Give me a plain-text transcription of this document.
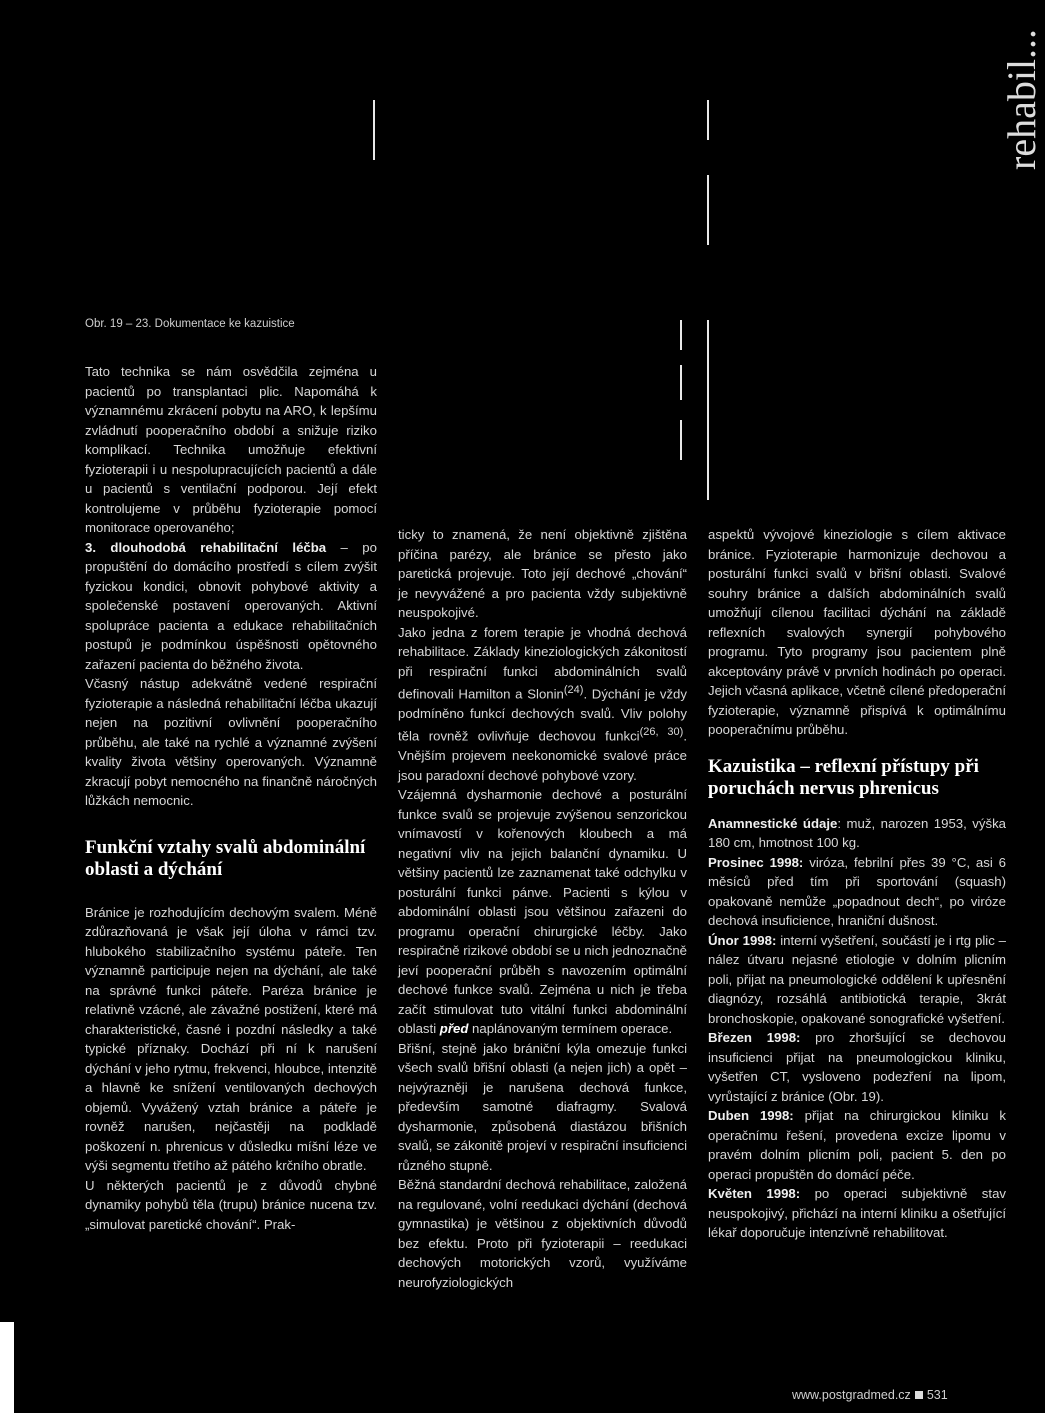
rehabil...
Obr. 19 – 23. Dokumentace ke kazuistice

Tato technika se nám osvědčila zejména u pacientů po transplantaci plic. Napomáhá k významnému zkrácení pobytu na ARO, k lepšímu zvládnutí pooperačního období a snižuje riziko komplikací. Technika umožňuje efektivní fyzioterapii i u nespolupracujících pacientů a dále u pacientů s ventilační podporou. Její efekt kontrolujeme v průběhu fyzioterapie pomocí monitorace operovaného;

3. dlouhodobá rehabilitační léčba – po propuštění do domácího prostředí s cílem zvýšit fyzickou kondici, obnovit pohybové aktivity a společenské postavení operovaných. Aktivní spolupráce pacienta a edukace rehabilitačních postupů je podmínkou úspěšnosti opětovného zařazení pacienta do běžného života.

Včasný nástup adekvátně vedené respirační fyzioterapie a následná rehabilitační léčba ukazují nejen na pozitivní ovlivnění pooperačního průběhu, ale také na rychlé a významné zvýšení kvality života většiny operovaných. Významně zkracují pobyt nemocného na finančně náročných lůžkách nemocnic.

Funkční vztahy svalů abdominální oblasti a dýchání

Bránice je rozhodujícím dechovým svalem. Méně zdůrazňovaná je však její úloha v rámci tzv. hlubokého stabilizačního systému páteře. Ten významně participuje nejen na dýchání, ale také na správné funkci páteře. Paréza bránice je relativně vzácné, ale závažné postižení, které má charakteristické, časné i pozdní následky a také typické příznaky. Dochází při ní k narušení dýchání v jeho rytmu, frekvenci, hloubce, intenzitě a hlavně ke snížení ventilovaných dechových objemů. Vyvážený vztah bránice a páteře je rovněž narušen, nejčastěji na podkladě poškození n. phrenicus v důsledku míšní léze ve výši segmentu třetího až pátého krčního obratle.

U některých pacientů je z důvodů chybné dynamiky pohybů těla (trupu) bránice nucena tzv. „simulovat paretické chování“. Prak-

ticky to znamená, že není objektivně zjištěna příčina parézy, ale bránice se přesto jako paretická projevuje. Toto její dechové „chování“ je nevyvážené a pro pacienta vždy subjektivně neuspokojivé.

Jako jedna z forem terapie je vhodná dechová rehabilitace. Základy kineziologických zákonitostí při respirační funkci abdominálních svalů definovali Hamilton a Slonin$^{(24)}$. Dýchání je vždy podmíněno funkcí dechových svalů. Vliv polohy těla rovněž ovlivňuje dechovou funkci$^{(26, 30)}$. Vnějším projevem neekonomické svalové práce jsou paradoxní dechové pohybové vzory.

Vzájemná dysharmonie dechové a posturální funkce svalů se projevuje zvýšenou senzorickou vnímavostí v kořenových kloubech a má negativní vliv na jejich balanční dynamiku. U většiny pacientů lze zaznamenat také odchylku v posturální funkci pánve. Pacienti s kýlou v abdominální oblasti jsou většinou zařazeni do programu operační chirurgické léčby. Jako respiračně rizikové období se u nich jednoznačně jeví pooperační průběh s navozením optimální dechové funkce svalů. Zejména u nich je třeba začít stimulovat tuto vitální funkci abdominální oblasti před naplánovaným termínem operace.

Břišní, stejně jako brániční kýla omezuje funkci všech svalů břišní oblasti (a nejen jich) a opět – nejvýrazněji je narušena dechová funkce, především samotné diafragmy. Svalová dysharmonie, způsobená diastázou břišních svalů, se zákonitě projeví v respirační insuficienci různého stupně.

Běžná standardní dechová rehabilitace, založená na regulované, volní reedukaci dýchání (dechová gymnastika) je většinou z objektivních důvodů bez efektu. Proto při fyzioterapii – reedukaci dechových motorických vzorů, využíváme neurofyziologických

aspektů vývojové kineziologie s cílem aktivace bránice. Fyzioterapie harmonizuje dechovou a posturální funkci svalů v břišní oblasti. Svalové souhry bránice a dalších abdominálních svalů umožňují cílenou facilitaci dýchání na základě reflexních svalových synergií pohybového programu. Tyto programy jsou pacientem plně akceptovány právě v prvních hodinách po operaci. Jejich včasná aplikace, včetně cílené předoperační fyzioterapie, významně přispívá k optimálnímu pooperačnímu průběhu.

Kazuistika – reflexní přístupy při poruchách nervus phrenicus

Anamnestické údaje: muž, narozen 1953, výška 180 cm, hmotnost 100 kg.

Prosinec 1998: viróza, febrilní přes 39 °C, asi 6 měsíců před tím při sportování (squash) opakovaně nemůže „popadnout dech“, po viróze dechová insuficience, hraniční dušnost.

Únor 1998: interní vyšetření, součástí je i rtg plic – nález útvaru nejasné etiologie v dolním plicním poli, přijat na pneumologické oddělení k upřesnění diagnózy, rozsáhlá antibiotická terapie, 3krát bronchoskopie, opakované sonografické vyšetření.

Březen 1998: pro zhoršující se dechovou insuficienci přijat na pneumologickou kliniku, vyšetřen CT, vysloveno podezření na lipom, vyrůstající z bránice (Obr. 19).

Duben 1998: přijat na chirurgickou kliniku k operačnímu řešení, provedena excize lipomu v pravém dolním plicním poli, pacient 5. den po operaci propuštěn do domácí péče.

Květen 1998: po operaci subjektivně stav neuspokojivý, přichází na interní kliniku a ošetřující lékař doporučuje intenzívně rehabilitovat.

www.postgradmed.cz 531
